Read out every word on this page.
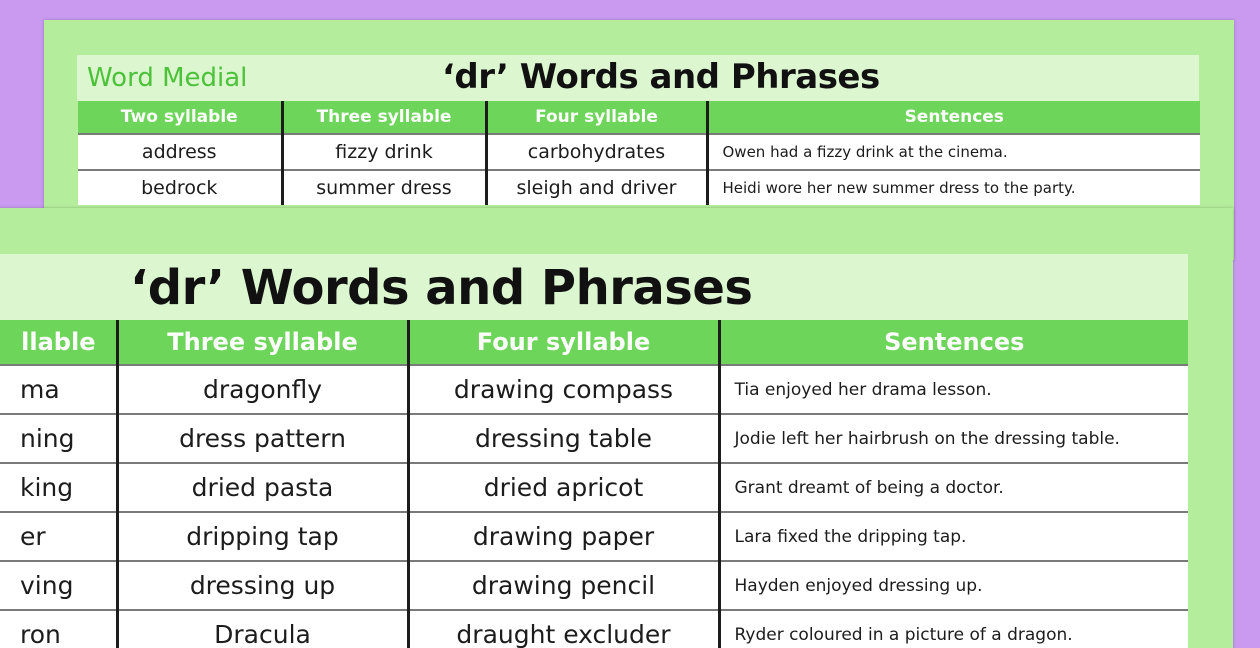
Word Medial	‘dr’ Words and Phrases
Two syllable	Three syllable	Four syllable	Sentences
address	fizzy drink	carbohydrates	Owen had a fizzy drink at the cinema.
bedrock	summer dress	sleigh and driver	Heidi wore her new summer dress to the party.
‘dr’ Words and Phrases
llable	Three syllable	Four syllable	Sentences
ma	dragonfly	drawing compass	Tia enjoyed her drama lesson.
ning	dress pattern	dressing table	Jodie left her hairbrush on the dressing table.
king	dried pasta	dried apricot	Grant dreamt of being a doctor.
er	dripping tap	drawing paper	Lara fixed the dripping tap.
ving	dressing up	drawing pencil	Hayden enjoyed dressing up.
ron	Dracula	draught excluder	Ryder coloured in a picture of a dragon.
